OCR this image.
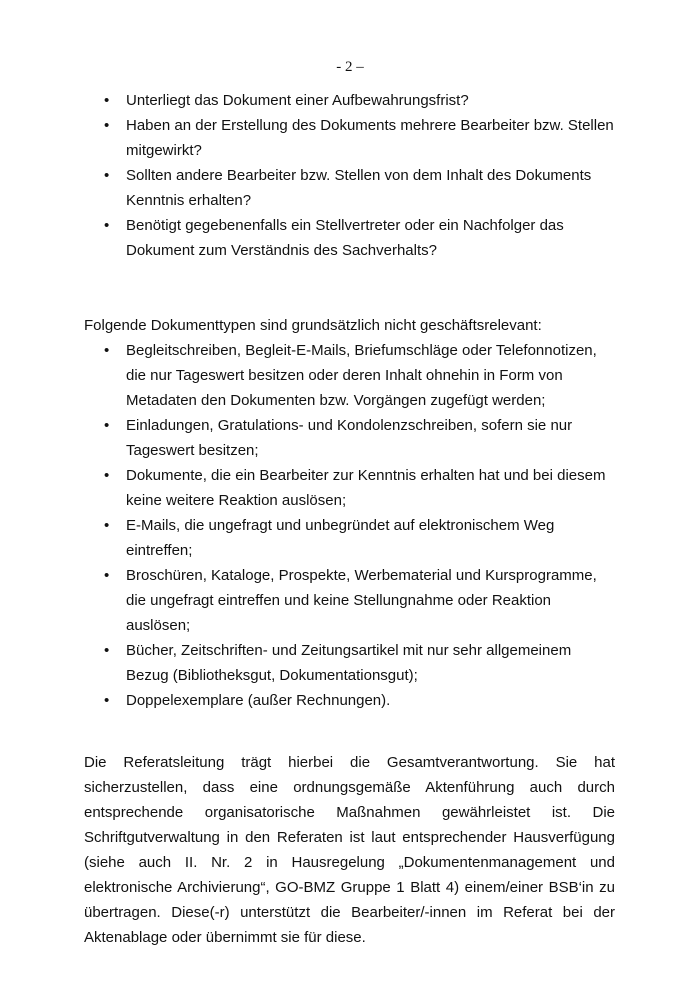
- 2 –
• Unterliegt das Dokument einer Aufbewahrungsfrist?
• Haben an der Erstellung des Dokuments mehrere Bearbeiter bzw. Stellen mitgewirkt?
• Sollten andere Bearbeiter bzw. Stellen von dem Inhalt des Dokuments Kenntnis erhalten?
• Benötigt gegebenenfalls ein Stellvertreter oder ein Nachfolger das Dokument zum Verständnis des Sachverhalts?

Folgende Dokumenttypen sind grundsätzlich nicht geschäftsrelevant:

• Begleitschreiben, Begleit-E-Mails, Briefumschläge oder Telefonnotizen, die nur Tageswert besitzen oder deren Inhalt ohnehin in Form von Metadaten den Dokumenten bzw. Vorgängen zugefügt werden;
• Einladungen, Gratulations- und Kondolenzschreiben, sofern sie nur Tageswert besitzen;
• Dokumente, die ein Bearbeiter zur Kenntnis erhalten hat und bei diesem keine weitere Reaktion auslösen;
• E-Mails, die ungefragt und unbegründet auf elektronischem Weg eintreffen;
• Broschüren, Kataloge, Prospekte, Werbematerial und Kursprogramme, die ungefragt eintreffen und keine Stellungnahme oder Reaktion auslösen;
• Bücher, Zeitschriften- und Zeitungsartikel mit nur sehr allgemeinem Bezug (Bibliotheksgut, Dokumentationsgut);
• Doppelexemplare (außer Rechnungen).

Die Referatsleitung trägt hierbei die Gesamtverantwortung. Sie hat sicherzustellen, dass eine ordnungsgemäße Aktenführung auch durch entsprechende organisatorische Maßnahmen gewährleistet ist. Die Schriftgutverwaltung in den Referaten ist laut entsprechender Hausverfügung (siehe auch II. Nr. 2 in Hausregelung „Dokumentenmanagement und elektronische Archivierung“, GO-BMZ Gruppe 1 Blatt 4) einem/einer BSB‘in zu übertragen. Diese(-r) unterstützt die Bearbeiter/-innen im Referat bei der Aktenablage oder übernimmt sie für diese.
